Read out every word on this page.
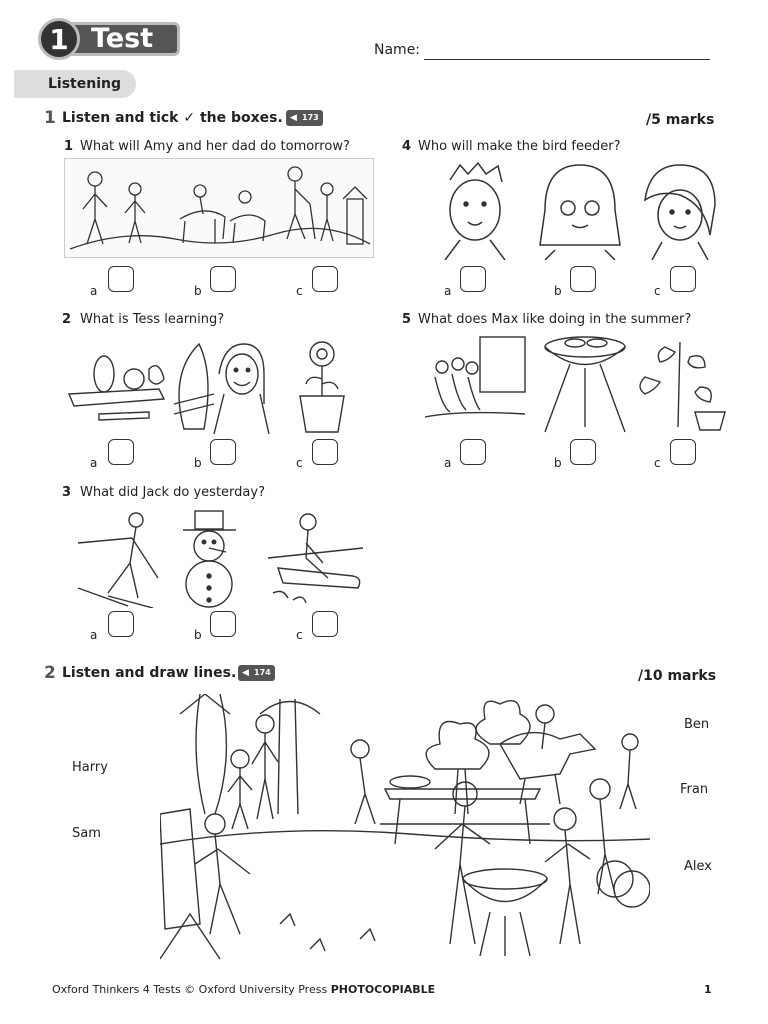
1 Test	Name:
Listening
1 Listen and tick ✓ the boxes.	◀ 173	/5 marks
1 What will Amy and her dad do tomorrow?
a	b	c
4 Who will make the bird feeder?
a	b	c
2 What is Tess learning?
a	b	c
5 What does Max like doing in the summer?
a	b	c
3 What did Jack do yesterday?
a	b	c
2 Listen and draw lines.	◀ 174	/10 marks
Harry
Sam
Ben
Fran
Alex
Oxford Thinkers 4 Tests © Oxford University Press PHOTOCOPIABLE	1
